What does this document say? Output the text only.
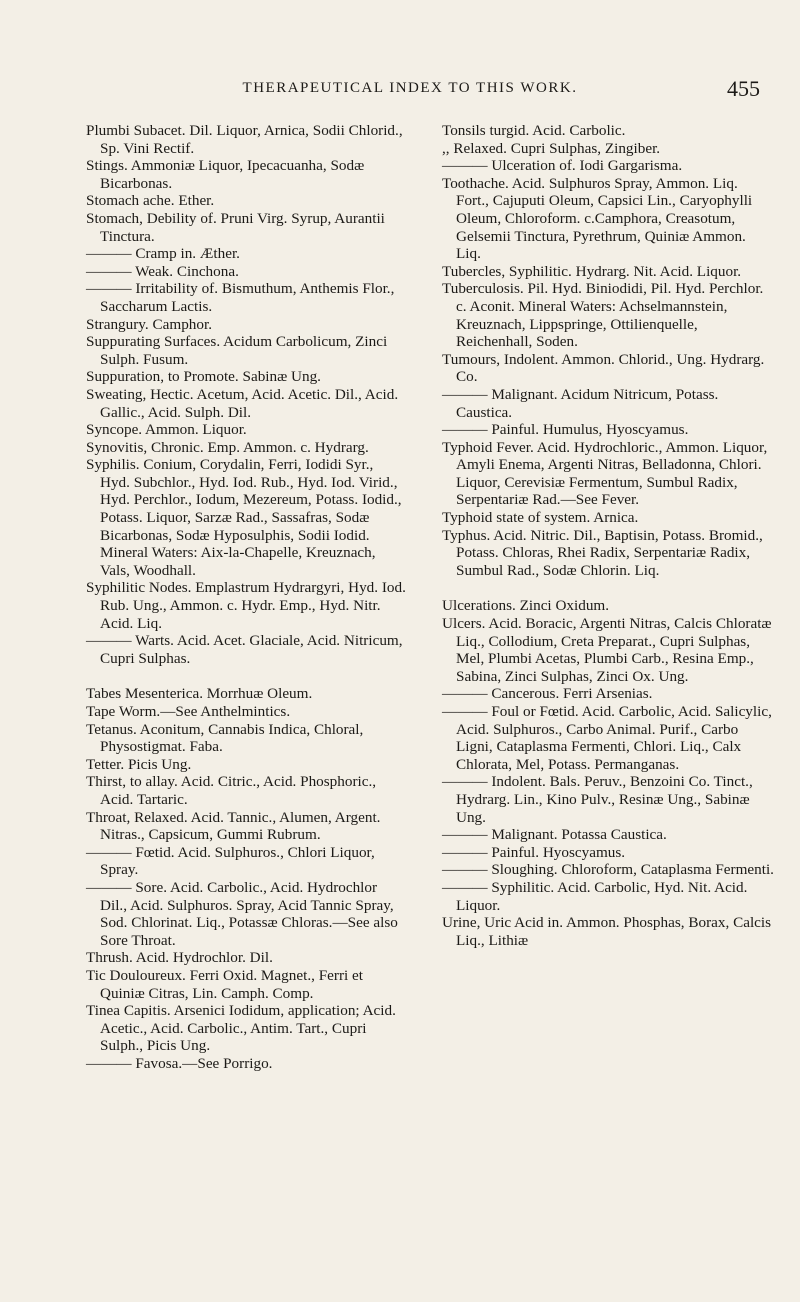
THERAPEUTICAL INDEX TO THIS WORK.	455

Plumbi Subacet. Dil. Liquor, Arnica, Sodii Chlorid., Sp. Vini Rectif.

Stings. Ammoniæ Liquor, Ipecacuanha, Sodæ Bicarbonas.

Stomach ache. Ether.

Stomach, Debility of. Pruni Virg. Syrup, Aurantii Tinctura.

——— Cramp in. Æther.

——— Weak. Cinchona.

——— Irritability of. Bismuthum, Anthemis Flor., Saccharum Lactis.

Strangury. Camphor.

Suppurating Surfaces. Acidum Carbolicum, Zinci Sulph. Fusum.

Suppuration, to Promote. Sabinæ Ung.

Sweating, Hectic. Acetum, Acid. Acetic. Dil., Acid. Gallic., Acid. Sulph. Dil.

Syncope. Ammon. Liquor.

Synovitis, Chronic. Emp. Ammon. c. Hydrarg.

Syphilis. Conium, Corydalin, Ferri, Iodidi Syr., Hyd. Subchlor., Hyd. Iod. Rub., Hyd. Iod. Virid., Hyd. Perchlor., Iodum, Mezereum, Potass. Iodid., Potass. Liquor, Sarzæ Rad., Sassafras, Sodæ Bicarbonas, Sodæ Hyposulphis, Sodii Iodid. Mineral Waters: Aix-la-Chapelle, Kreuznach, Vals, Woodhall.

Syphilitic Nodes. Emplastrum Hydrargyri, Hyd. Iod. Rub. Ung., Ammon. c. Hydr. Emp., Hyd. Nitr. Acid. Liq.

——— Warts. Acid. Acet. Glaciale, Acid. Nitricum, Cupri Sulphas.

Tabes Mesenterica. Morrhuæ Oleum.

Tape Worm.—See Anthelmintics.

Tetanus. Aconitum, Cannabis Indica, Chloral, Physostigmat. Faba.

Tetter. Picis Ung.

Thirst, to allay. Acid. Citric., Acid. Phosphoric., Acid. Tartaric.

Throat, Relaxed. Acid. Tannic., Alumen, Argent. Nitras., Capsicum, Gummi Rubrum.

——— Fœtid. Acid. Sulphuros., Chlori Liquor, Spray.

——— Sore. Acid. Carbolic., Acid. Hydrochlor Dil., Acid. Sulphuros. Spray, Acid Tannic Spray, Sod. Chlorinat. Liq., Potassæ Chloras.—See also Sore Throat.

Thrush. Acid. Hydrochlor. Dil.

Tic Douloureux. Ferri Oxid. Magnet., Ferri et Quiniæ Citras, Lin. Camph. Comp.

Tinea Capitis. Arsenici Iodidum, application; Acid. Acetic., Acid. Carbolic., Antim. Tart., Cupri Sulph., Picis Ung.

——— Favosa.—See Porrigo.

Tonsils turgid. Acid. Carbolic.

,, Relaxed. Cupri Sulphas, Zingiber.

——— Ulceration of. Iodi Gargarisma.

Toothache. Acid. Sulphuros Spray, Ammon. Liq. Fort., Cajuputi Oleum, Capsici Lin., Caryophylli Oleum, Chloroform. c.Camphora, Creasotum, Gelsemii Tinctura, Pyrethrum, Quiniæ Ammon. Liq.

Tubercles, Syphilitic. Hydrarg. Nit. Acid. Liquor.

Tuberculosis. Pil. Hyd. Biniodidi, Pil. Hyd. Perchlor. c. Aconit. Mineral Waters: Achselmannstein, Kreuznach, Lippspringe, Ottilienquelle, Reichenhall, Soden.

Tumours, Indolent. Ammon. Chlorid., Ung. Hydrarg. Co.

——— Malignant. Acidum Nitricum, Potass. Caustica.

——— Painful. Humulus, Hyoscyamus.

Typhoid Fever. Acid. Hydrochloric., Ammon. Liquor, Amyli Enema, Argenti Nitras, Belladonna, Chlori. Liquor, Cerevisiæ Fermentum, Sumbul Radix, Serpentariæ Rad.—See Fever.

Typhoid state of system. Arnica.

Typhus. Acid. Nitric. Dil., Baptisin, Potass. Bromid., Potass. Chloras, Rhei Radix, Serpentariæ Radix, Sumbul Rad., Sodæ Chlorin. Liq.

Ulcerations. Zinci Oxidum.

Ulcers. Acid. Boracic, Argenti Nitras, Calcis Chloratæ Liq., Collodium, Creta Preparat., Cupri Sulphas, Mel, Plumbi Acetas, Plumbi Carb., Resina Emp., Sabina, Zinci Sulphas, Zinci Ox. Ung.

——— Cancerous. Ferri Arsenias.

——— Foul or Fœtid. Acid. Carbolic, Acid. Salicylic, Acid. Sulphuros., Carbo Animal. Purif., Carbo Ligni, Cataplasma Fermenti, Chlori. Liq., Calx Chlorata, Mel, Potass. Permanganas.

——— Indolent. Bals. Peruv., Benzoini Co. Tinct., Hydrarg. Lin., Kino Pulv., Resinæ Ung., Sabinæ Ung.

——— Malignant. Potassa Caustica.

——— Painful. Hyoscyamus.

——— Sloughing. Chloroform, Cataplasma Fermenti.

——— Syphilitic. Acid. Carbolic, Hyd. Nit. Acid. Liquor.

Urine, Uric Acid in. Ammon. Phosphas, Borax, Calcis Liq., Lithiæ
